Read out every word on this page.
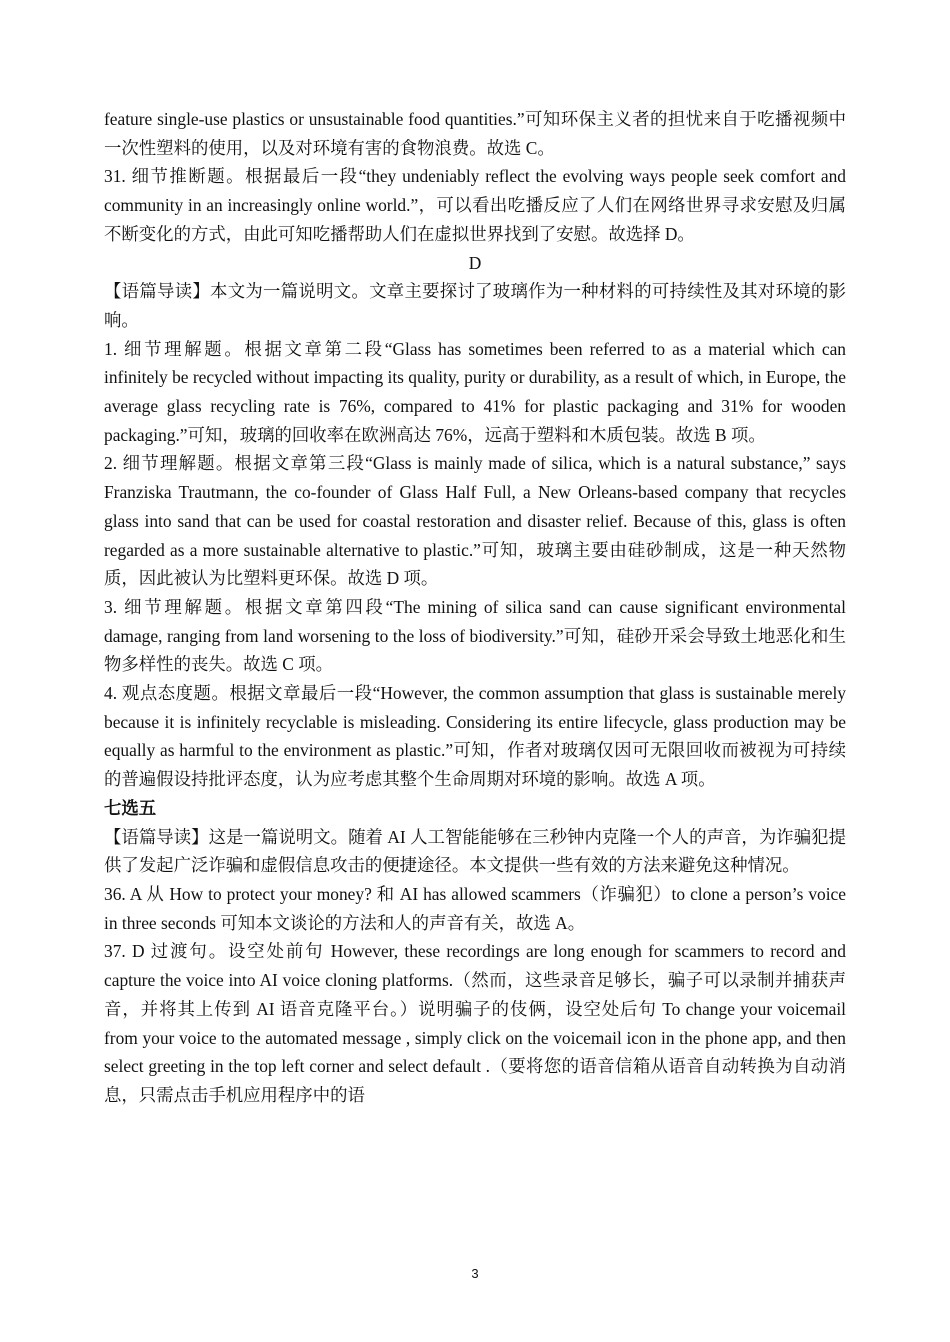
feature single-use plastics or unsustainable food quantities.”可知环保主义者的担忧来自于吃播视频中一次性塑料的使用，以及对环境有害的食物浪费。故选 C。

31. 细节推断题。根据最后一段“they undeniably reflect the evolving ways people seek comfort and community in an increasingly online world.”，可以看出吃播反应了人们在网络世界寻求安慰及归属不断变化的方式，由此可知吃播帮助人们在虚拟世界找到了安慰。故选择 D。

D

【语篇导读】本文为一篇说明文。文章主要探讨了玻璃作为一种材料的可持续性及其对环境的影响。

1. 细节理解题。根据文章第二段“Glass has sometimes been referred to as a material which can infinitely be recycled without impacting its quality, purity or durability, as a result of which, in Europe, the average glass recycling rate is 76%, compared to 41% for plastic packaging and 31% for wooden packaging.”可知，玻璃的回收率在欧洲高达 76%，远高于塑料和木质包装。故选 B 项。

2. 细节理解题。根据文章第三段“Glass is mainly made of silica, which is a natural substance,” says Franziska Trautmann, the co-founder of Glass Half Full, a New Orleans-based company that recycles glass into sand that can be used for coastal restoration and disaster relief. Because of this, glass is often regarded as a more sustainable alternative to plastic.”可知，玻璃主要由硅砂制成，这是一种天然物质，因此被认为比塑料更环保。故选 D 项。

3. 细节理解题。根据文章第四段“The mining of silica sand can cause significant environmental damage, ranging from land worsening to the loss of biodiversity.”可知，硅砂开采会导致土地恶化和生物多样性的丧失。故选 C 项。

4. 观点态度题。根据文章最后一段“However, the common assumption that glass is sustainable merely because it is infinitely recyclable is misleading. Considering its entire lifecycle, glass production may be equally as harmful to the environment as plastic.”可知，作者对玻璃仅因可无限回收而被视为可持续的普遍假设持批评态度，认为应考虑其整个生命周期对环境的影响。故选 A 项。

七选五

【语篇导读】这是一篇说明文。随着 AI 人工智能能够在三秒钟内克隆一个人的声音，为诈骗犯提供了发起广泛诈骗和虚假信息攻击的便捷途径。本文提供一些有效的方法来避免这种情况。

36. A 从 How to protect your money? 和 AI has allowed scammers（诈骗犯）to clone a person’s voice in three seconds 可知本文谈论的方法和人的声音有关，故选 A。

37. D 过渡句。设空处前句 However, these recordings are long enough for scammers to record and capture the voice into AI voice cloning platforms.（然而，这些录音足够长，骗子可以录制并捕获声音，并将其上传到 AI 语音克隆平台。）说明骗子的伎俩，设空处后句 To change your voicemail from your voice to the automated message , simply click on the voicemail icon in the phone app, and then select greeting in the top left corner and select default .（要将您的语音信箱从语音自动转换为自动消息，只需点击手机应用程序中的语

3
